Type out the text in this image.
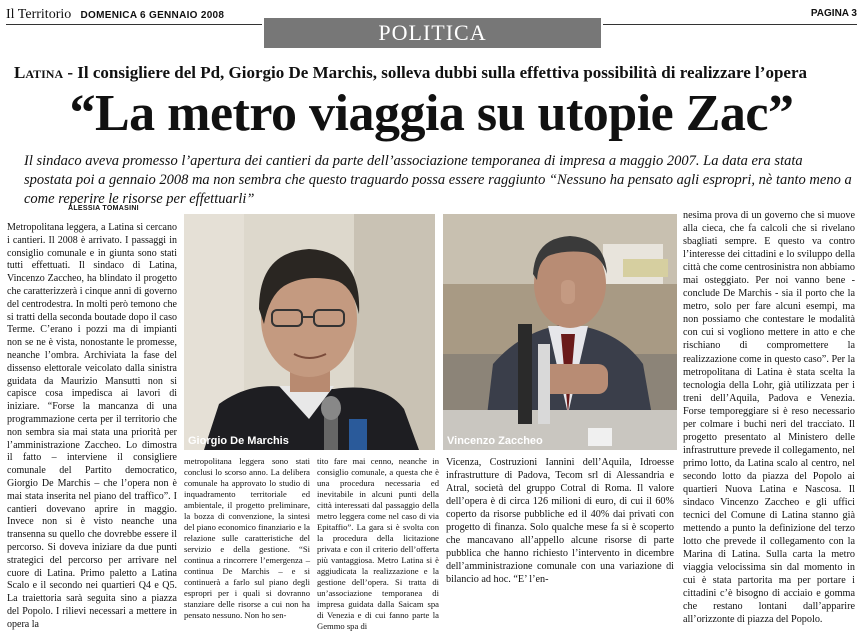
Il Territorio DOMENICA 6 GENNAIO 2008	PAGINA 3
POLITICA
Latina - Il consigliere del Pd, Giorgio De Marchis, solleva dubbi sulla effettiva possibilità di realizzare l’opera
“La metro viaggia su utopie Zac”
Il sindaco aveva promesso l’apertura dei cantieri da parte dell’associazione temporanea di impresa a maggio 2007. La data era stata spostata poi a gennaio 2008 ma non sembra che questo traguardo possa essere raggiunto “Nessuno ha pensato agli espropri, nè tanto meno a come reperire le risorse per effettuarli”
ALESSIA TOMASINI

Metropolitana leggera, a Latina si cercano i cantieri. Il 2008 è arrivato. I passaggi in consiglio comunale e in giunta sono stati tutti effettuati. Il sindaco di Latina, Vincenzo Zaccheo, ha blindato il progetto che caratterizzerà i cinque anni di governo del centrodestra. In molti però temono che si tratti della seconda boutade dopo il caso Terme. C’erano i pozzi ma di impianti non se ne è vista, nonostante le promesse, neanche l’ombra. Archiviata la fase del dissenso elettorale veicolato dalla sinistra guidata da Maurizio Mansutti non si capisce cosa impedisca ai lavori di iniziare. “Forse la mancanza di una programmazione certa per il territorio che non sembra sia mai stata una priorità per l’amministrazione Zaccheo. Lo dimostra il fatto – interviene il consigliere comunale del Partito democratico, Giorgio De Marchis – che l’opera non è mai stata inserita nel piano del traffico”. I cantieri dovevano aprire in maggio. Invece non si è visto neanche una transenna su quello che dovrebbe essere il percorso. Si doveva iniziare da due punti strategici del percorso per arrivare nel cuore di Latina. Primo paletto a Latina Scalo e il secondo nei quartieri Q4 e Q5. La traiettoria sarà seguita sino a piazza del Popolo. I rilievi necessari a mettere in opera la

Giorgio De Marchis	Vincenzo Zaccheo

metropolitana leggera sono stati conclusi lo scorso anno. La delibera comunale ha approvato lo studio di inquadramento territoriale ed ambientale, il progetto preliminare, la bozza di convenzione, la sintesi del piano economico finanziario e la relazione sulle caratteristiche del servizio e della gestione. “Si continua a rincorrere l’emergenza – continua De Marchis – e si continuerà a farlo sul piano degli espropri per i quali si dovranno stanziare delle risorse a cui non ha pensato nessuno. Non ho sen-

tito fare mai cenno, neanche in consiglio comunale, a questa che è una procedura necessaria ed inevitabile in alcuni punti della città interessati dal passaggio della metro leggera come nel caso di via Epitaffio”. La gara si è svolta con la procedura della licitazione privata e con il criterio dell’offerta più vantaggiosa. Metro Latina si è aggiudicata la realizzazione e la gestione dell’opera. Si tratta di un’associazione temporanea di impresa guidata dalla Saicam spa di Venezia e di cui fanno parte la Gemmo spa di

Vicenza, Costruzioni Iannini dell’Aquila, Idroesse infrastrutture di Padova, Tecom srl di Alessandria e Atral, società del gruppo Cotral di Roma. Il valore dell’opera è di circa 126 milioni di euro, di cui il 60% coperto da risorse pubbliche ed il 40% dai privati con progetto di finanza. Solo qualche mese fa si è scoperto che mancavano all’appello alcune risorse di parte pubblica che hanno richiesto l’intervento in dicembre dell’amministrazione comunale con una variazione di bilancio ad hoc. “E’ l’en-

nesima prova di un governo che si muove alla cieca, che fa calcoli che si rivelano sbagliati sempre. E questo va contro l’interesse dei cittadini e lo sviluppo della città che come centrosinistra non abbiamo mai osteggiato. Per noi vanno bene - conclude De Marchis - sia il porto che la metro, solo per fare alcuni esempi, ma non possiamo che contestare le modalità con cui si vogliono mettere in atto e che rischiano di compromettere la realizzazione come in questo caso”. Per la metropolitana di Latina è stata scelta la tecnologia della Lohr, già utilizzata per i treni dell’Aquila, Padova e Venezia. Forse temporeggiare si è reso necessario per colmare i buchi neri del tracciato. Il progetto presentato al Ministero delle infrastrutture prevede il collegamento, nel primo lotto, da Latina scalo al centro, nel secondo lotto da piazza del Popolo ai quartieri Nuova Latina e Nascosa. Il sindaco Vincenzo Zaccheo e gli uffici tecnici del Comune di Latina stanno già mettendo a punto la definizione del terzo lotto che prevede il collegamento con la Marina di Latina. Sulla carta la metro viaggia velocissima sin dal momento in cui è stata partorita ma per portare i cittadini c’è bisogno di acciaio e gomma che restano lontani dall’apparire all’orizzonte di piazza del Popolo.
